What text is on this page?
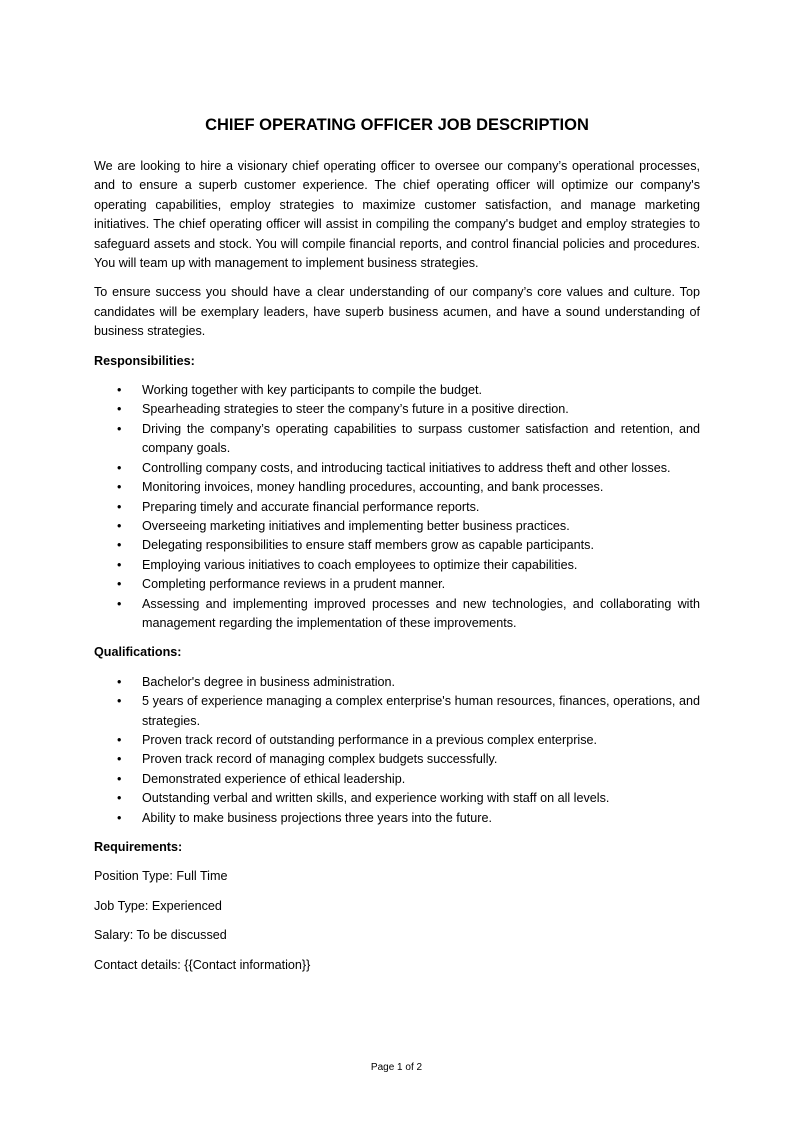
CHIEF OPERATING OFFICER JOB DESCRIPTION

We are looking to hire a visionary chief operating officer to oversee our company’s operational processes, and to ensure a superb customer experience. The chief operating officer will optimize our company's operating capabilities, employ strategies to maximize customer satisfaction, and manage marketing initiatives. The chief operating officer will assist in compiling the company's budget and employ strategies to safeguard assets and stock. You will compile financial reports, and control financial policies and procedures. You will team up with management to implement business strategies.

To ensure success you should have a clear understanding of our company’s core values and culture. Top candidates will be exemplary leaders, have superb business acumen, and have a sound understanding of business strategies.

Responsibilities:
• Working together with key participants to compile the budget.
• Spearheading strategies to steer the company’s future in a positive direction.
• Driving the company’s operating capabilities to surpass customer satisfaction and retention, and company goals.
• Controlling company costs, and introducing tactical initiatives to address theft and other losses.
• Monitoring invoices, money handling procedures, accounting, and bank processes.
• Preparing timely and accurate financial performance reports.
• Overseeing marketing initiatives and implementing better business practices.
• Delegating responsibilities to ensure staff members grow as capable participants.
• Employing various initiatives to coach employees to optimize their capabilities.
• Completing performance reviews in a prudent manner.
• Assessing and implementing improved processes and new technologies, and collaborating with management regarding the implementation of these improvements.
Qualifications:
• Bachelor's degree in business administration.
• 5 years of experience managing a complex enterprise's human resources, finances, operations, and strategies.
• Proven track record of outstanding performance in a previous complex enterprise.
• Proven track record of managing complex budgets successfully.
• Demonstrated experience of ethical leadership.
• Outstanding verbal and written skills, and experience working with staff on all levels.
• Ability to make business projections three years into the future.
Requirements:
Position Type: Full Time
Job Type: Experienced
Salary: To be discussed
Contact details: {{Contact information}}
Page 1 of 2
